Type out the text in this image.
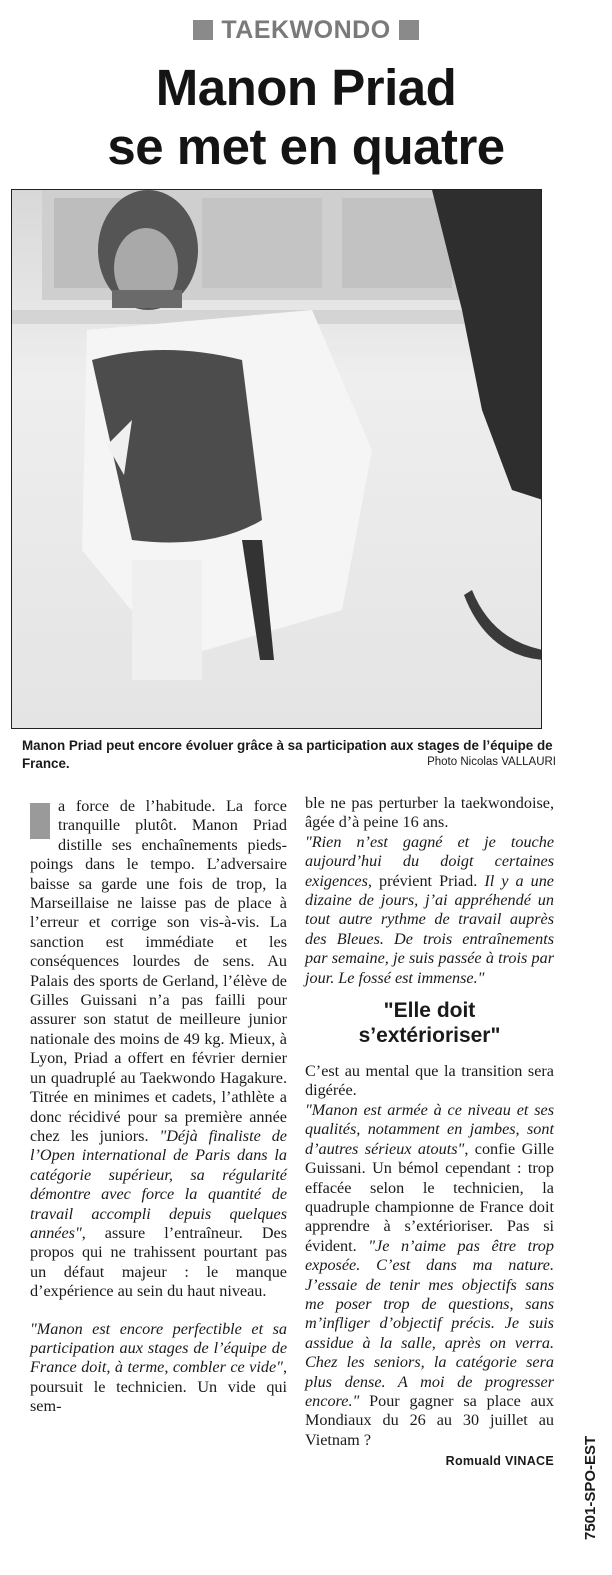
TAEKWONDO
Manon Priad
se met en quatre
Manon Priad peut encore évoluer grâce à sa participation aux stages de l’équipe de France.	Photo Nicolas VALLAURI

a force de l’habitude. La force tranquille plutôt. Manon Priad distille ses enchaînements pieds-poings dans le tempo. L’adversaire baisse sa garde une fois de trop, la Marseillaise ne laisse pas de place à l’erreur et corrige son vis-à-vis. La sanction est immédiate et les conséquences lourdes de sens. Au Palais des sports de Gerland, l’élève de Gilles Guissani n’a pas failli pour assurer son statut de meilleure junior nationale des moins de 49 kg. Mieux, à Lyon, Priad a offert en février dernier un quadruplé au Taekwondo Hagakure. Titrée en minimes et cadets, l’athlète a donc récidivé pour sa première année chez les juniors. "Déjà finaliste de l’Open international de Paris dans la catégorie supérieur, sa régularité démontre avec force la quantité de travail accompli depuis quelques années", assure l’entraîneur. Des propos qui ne trahissent pourtant pas un défaut majeur : le manque d’expérience au sein du haut niveau.

"Manon est encore perfectible et sa participation aux stages de l’équipe de France doit, à terme, combler ce vide", poursuit le technicien. Un vide qui sem-

ble ne pas perturber la taekwondoise, âgée d’à peine 16 ans.

"Rien n’est gagné et je touche aujourd’hui du doigt certaines exigences, prévient Priad. Il y a une dizaine de jours, j’ai appréhendé un tout autre rythme de travail auprès des Bleues. De trois entraînements par semaine, je suis passée à trois par jour. Le fossé est immense."

"Elle doit
s’extérioriser"

C’est au mental que la transition sera digérée.

"Manon est armée à ce niveau et ses qualités, notamment en jambes, sont d’autres sérieux atouts", confie Gille Guissani. Un bémol cependant : trop effacée selon le technicien, la quadruple championne de France doit apprendre à s’extérioriser. Pas si évident. "Je n’aime pas être trop exposée. C’est dans ma nature. J’essaie de tenir mes objectifs sans me poser trop de questions, sans m’infliger d’objectif précis. Je suis assidue à la salle, après on verra. Chez les seniors, la catégorie sera plus dense. A moi de progresser encore." Pour gagner sa place aux Mondiaux du 26 au 30 juillet au Vietnam ?

Romuald VINACE 7501-SPO-EST
